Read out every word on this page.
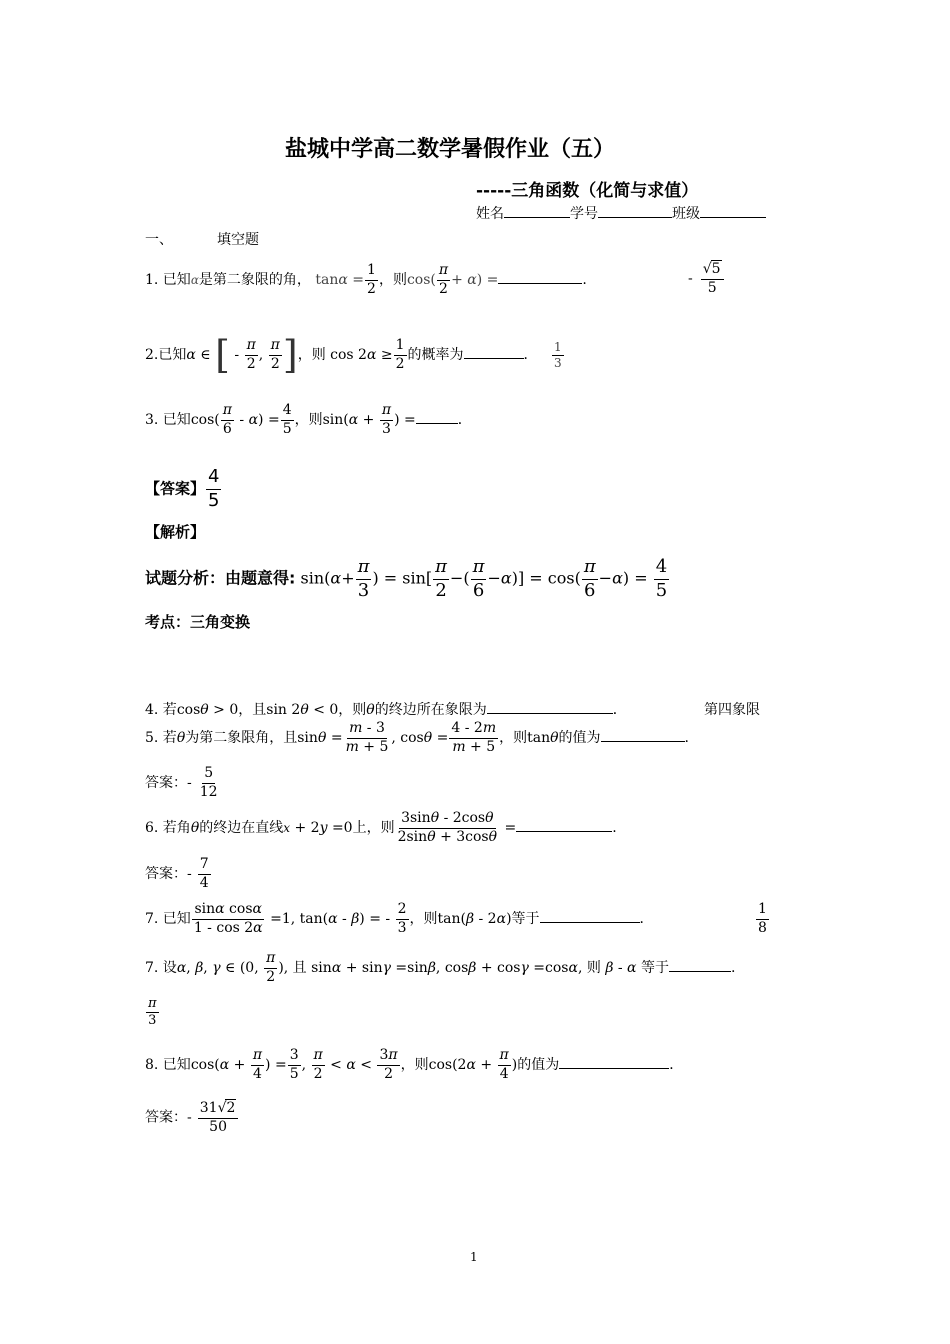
盐城中学高二数学暑假作业（五）
-----三角函数（化简与求值）
姓名	学号	班级
一、	填空题
1. 已知α是第二象限的角， $\tan\alpha = \frac{1}{2}$ ，则$\cos( \frac{\pi}{2} + \alpha)$ =	.	- $\frac{√5}{5}$
2.已知α ∈ [ - $\frac{\pi}{2}$ , $\frac{\pi}{2}$ ]，则 $\cos 2\alpha \ge \frac{1}{2}$ 的概率为	． $\frac{1}{3}$
3. 已知$\cos( \frac{\pi}{6} - \alpha) = \frac{4}{5}$ ，则$\sin(\alpha + \frac{\pi}{3}$ ) =	．
【答案】 $\frac{4}{5}$
【解析】
试题分析：由题意得: $\sin(\alpha+ \frac{\pi}{3}$ ) = $\sin[ \frac{\pi}{2}$ −( $\frac{\pi}{6} -\alpha)] = \cos( \frac{\pi}{6} -\alpha) = \frac{4}{5}$
考点：三角变换
4. 若cosθ > 0，且sin 2θ < 0，则θ的终边所在象限为	．	第四象限
5. 若θ为第二象限角，且$\sin\theta = \frac{m - 3}{m + 5}$ , $\cos\theta = \frac{4 - 2m}{m + 5}$ ，则tanθ的值为	.
答案：- $\frac{5}{12}$
6. 若角θ的终边在直线x + 2y =0上，则 $\frac{3\sin\theta - 2\cos\theta}{2\sin\theta + 3\cos\theta}$ =	.
答案：- $\frac{7}{4}$
7. 已知 $\frac{\text{sinα cosα}}{1 - \cos 2\alpha} =1$, tan(α - β) = - $\frac{2}{3}$ ，则tan(β - 2α)等于	．	$\frac{1}{8}$
7. 设α, β, γ ∈ (0, $\frac{\pi}{2}$ ), 且 sinα + sinγ =sinβ, cosβ + cosγ =cosα, 则 β - α 等于	.
$\frac{\pi}{3}$
8. 已知$\cos(\alpha + \frac{\pi}{4}$ ) = $\frac{3}{5}$ , $\frac{\pi}{2} < \alpha < \frac{3\pi}{2}$ ，则$\cos(2\alpha + \frac{\pi}{4}$ )的值为	．
答案：- $\frac{31√2}{50}$
1
